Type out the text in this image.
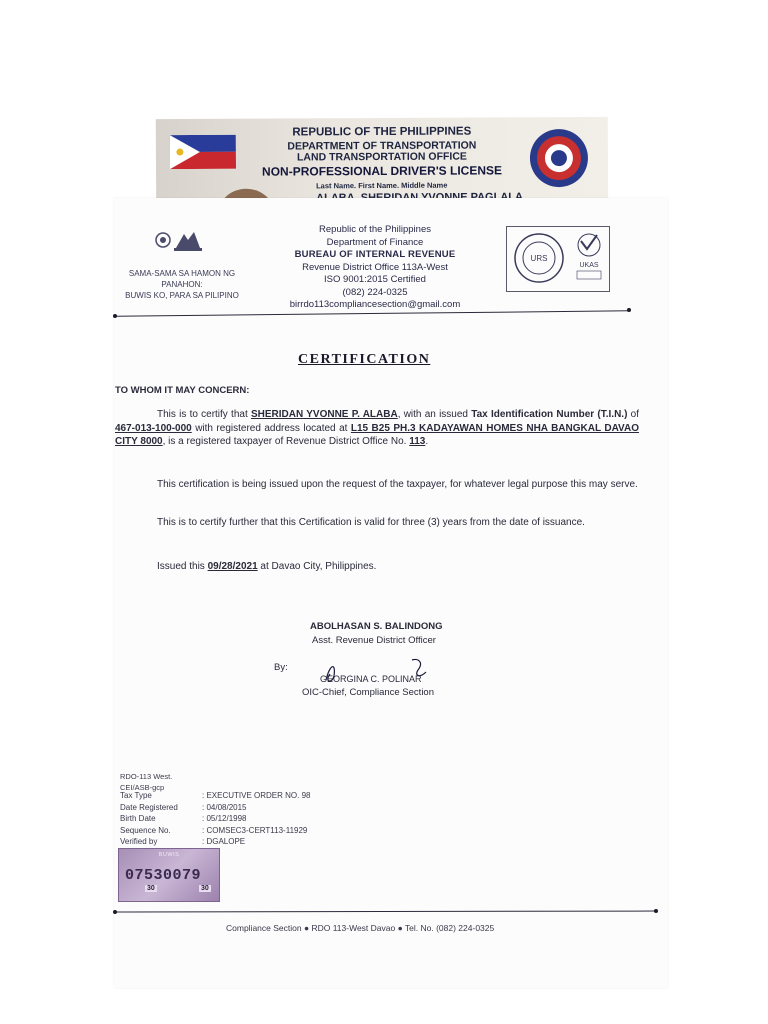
REPUBLIC OF THE PHILIPPINES
DEPARTMENT OF TRANSPORTATION
LAND TRANSPORTATION OFFICE
NON-PROFESSIONAL DRIVER'S LICENSE
Last Name. First Name. Middle Name
SAMA-SAMA SA HAMON NG PANAHON:
BUWIS KO, PARA SA PILIPINO
Republic of the Philippines
Department of Finance
BUREAU OF INTERNAL REVENUE
Revenue District Office 113A-West
ISO 9001:2015 Certified
(082) 224-0325
birrdo113compliancesection@gmail.com
URS
UKAS
CERTIFICATION
TO WHOM IT MAY CONCERN:
This is to certify that SHERIDAN YVONNE P. ALABA, with an issued Tax Identification Number (T.I.N.) of 467-013-100-000 with registered address located at L15 B25 PH.3 KADAYAWAN HOMES NHA BANGKAL DAVAO CITY 8000, is a registered taxpayer of Revenue District Office No. 113.
This certification is being issued upon the request of the taxpayer, for whatever legal purpose this may serve.
This is to certify further that this Certification is valid for three (3) years from the date of issuance.
Issued this 09/28/2021 at Davao City, Philippines.
ABOLHASAN S. BALINDONG
Asst. Revenue District Officer
By:
GEORGINA C. POLINAR
OIC-Chief, Compliance Section
RDO-113 West.
CEI/ASB-gcp
Tax Type	: EXECUTIVE ORDER NO. 98
Date Registered	: 04/08/2015
Birth Date	: 05/12/1998
Sequence No.	: COMSEC3-CERT113-11929
Verified by	: DGALOPE
BUWIS
07530079
30	30
Compliance Section ● RDO 113-West Davao ● Tel. No. (082) 224-0325
